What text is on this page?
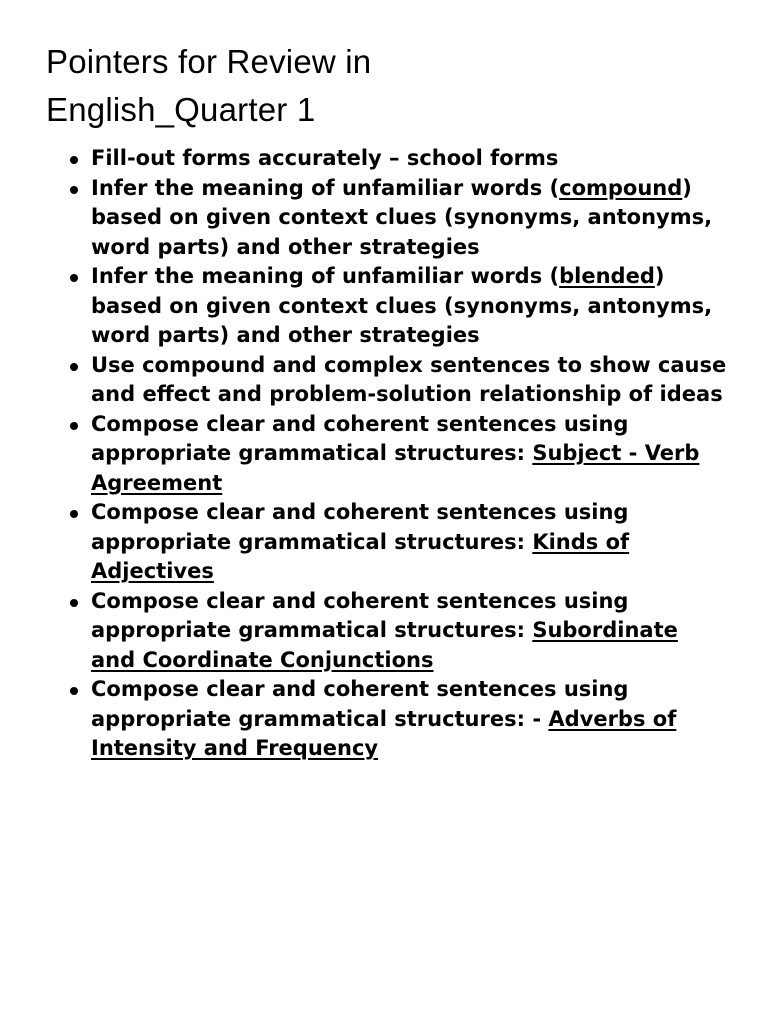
Pointers for Review in
English_Quarter 1
Fill-out forms accurately – school forms
Infer the meaning of unfamiliar words (compound) based on given context clues (synonyms, antonyms, word parts) and other strategies
Infer the meaning of unfamiliar words (blended) based on given context clues (synonyms, antonyms, word parts) and other strategies
Use compound and complex sentences to show cause and effect and problem-solution relationship of ideas
Compose clear and coherent sentences using appropriate grammatical structures: Subject - Verb Agreement
Compose clear and coherent sentences using appropriate grammatical structures: Kinds of Adjectives
Compose clear and coherent sentences using appropriate grammatical structures: Subordinate and Coordinate Conjunctions
Compose clear and coherent sentences using appropriate grammatical structures: - Adverbs of Intensity and Frequency
